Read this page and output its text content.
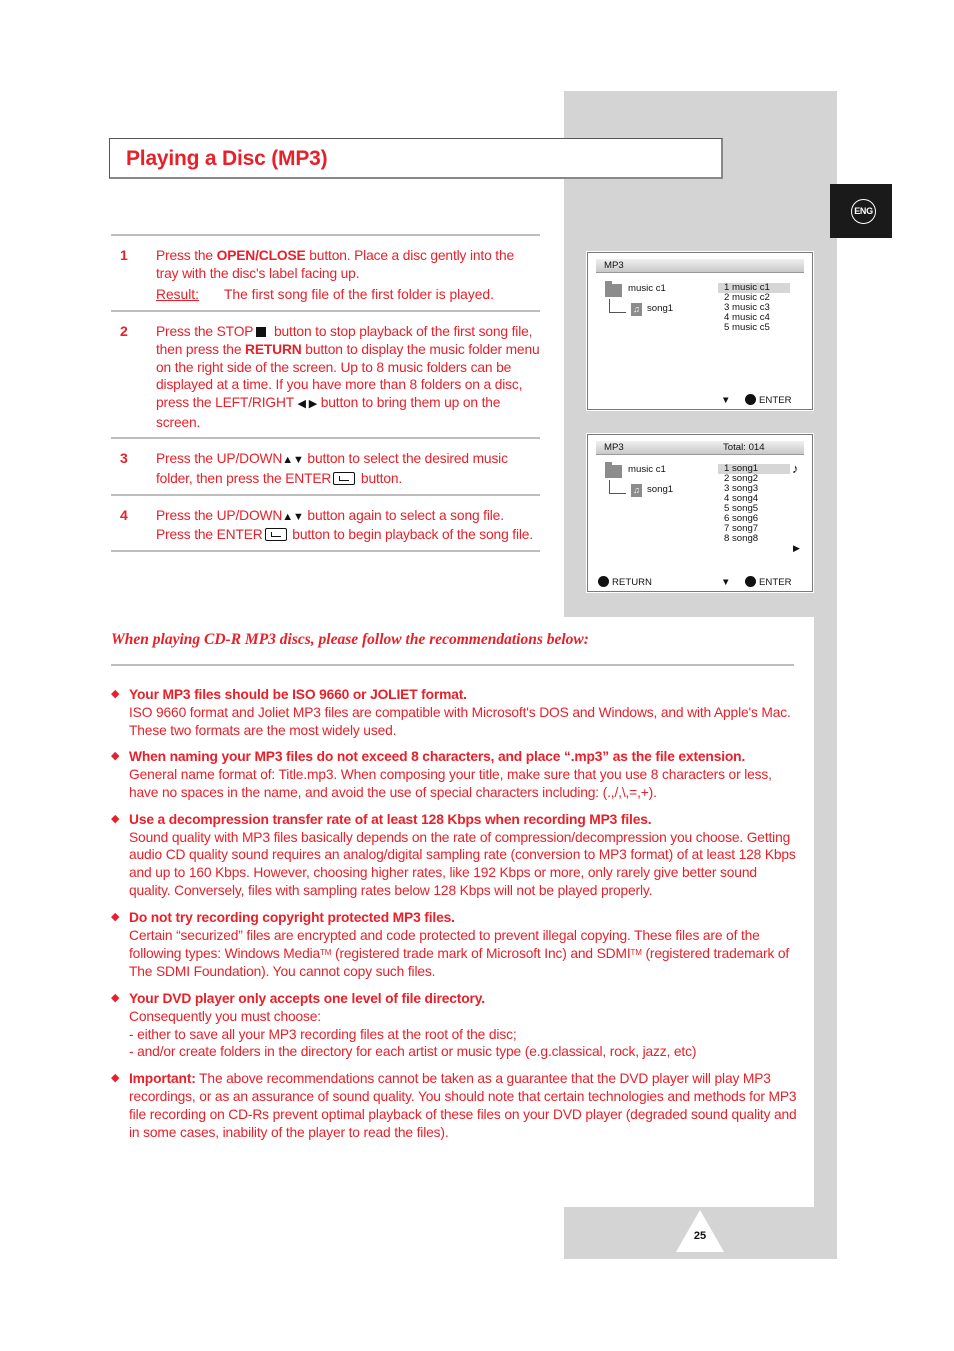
Playing a Disc (MP3)
ENG
1 Press the OPEN/CLOSE button. Place a disc gently into the tray with the disc's label facing up.

Result:	The first song file of the first folder is played.
2 Press the STOP button to stop playback of the first song file, then press the RETURN button to display the music folder menu on the right side of the screen. Up to 8 music folders can be displayed at a time. If you have more than 8 folders on a disc, press the LEFT/RIGHT ◀ ▶ button to bring them up on the screen.

3 Press the UP/DOWN▲▼ button to select the desired music folder, then press the ENTER button.

4 Press the UP/DOWN▲▼ button again to select a song file. Press the ENTER button to begin playback of the song file.

MP3
music c1
♫ song1
1 music c1
2 music c2
3 music c3
4 music c4
5 music c5
▼	ENTER
MP3	Total: 014
music c1
♫ song1
1 song1
2 song2
3 song3
4 song4
5 song5
6 song6
7 song7
8 song8
♪
▶
RETURN	▼	ENTER
When playing CD-R MP3 discs, please follow the recommendations below:
◆ Your MP3 files should be ISO 9660 or JOLIET format.
ISO 9660 format and Joliet MP3 files are compatible with Microsoft's DOS and Windows, and with Apple's Mac. These two formats are the most widely used.
◆ When naming your MP3 files do not exceed 8 characters, and place “.mp3” as the file extension.
General name format of: Title.mp3. When composing your title, make sure that you use 8 characters or less, have no spaces in the name, and avoid the use of special characters including: (.,/,\,=,+).
◆ Use a decompression transfer rate of at least 128 Kbps when recording MP3 files.
Sound quality with MP3 files basically depends on the rate of compression/decompression you choose. Getting audio CD quality sound requires an analog/digital sampling rate (conversion to MP3 format) of at least 128 Kbps and up to 160 Kbps. However, choosing higher rates, like 192 Kbps or more, only rarely give better sound quality. Conversely, files with sampling rates below 128 Kbps will not be played properly.
◆ Do not try recording copyright protected MP3 files.
Certain “securized” files are encrypted and code protected to prevent illegal copying. These files are of the following types: Windows Media™ (registered trade mark of Microsoft Inc) and SDMI™ (registered trademark of The SDMI Foundation). You cannot copy such files.
◆ Your DVD player only accepts one level of file directory.
Consequently you must choose:
- either to save all your MP3 recording files at the root of the disc;
- and/or create folders in the directory for each artist or music type (e.g.classical, rock, jazz, etc)
◆ Important: The above recommendations cannot be taken as a guarantee that the DVD player will play MP3 recordings, or as an assurance of sound quality. You should note that certain technologies and methods for MP3 file recording on CD-Rs prevent optimal playback of these files on your DVD player (degraded sound quality and in some cases, inability of the player to read the files).
25
